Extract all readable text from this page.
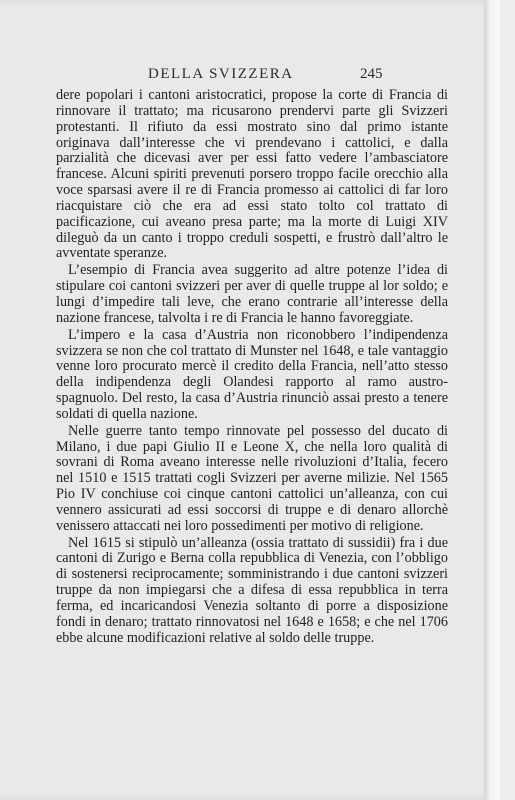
DELLA SVIZZERA	245

dere popolari i cantoni aristocratici, propose la corte di Francia di rinnovare il trattato; ma ricusarono prendervi parte gli Svizzeri protestanti. Il rifiuto da essi mostrato sino dal primo istante originava dall’interesse che vi prendevano i cattolici, e dalla parzialità che dicevasi aver per essi fatto vedere l’ambasciatore francese. Alcuni spiriti prevenuti porsero troppo facile orecchio alla voce sparsasi avere il re di Francia promesso ai cattolici di far loro riacquistare ciò che era ad essi stato tolto col trattato di pacificazione, cui aveano presa parte; ma la morte di Luigi XIV dileguò da un canto i troppo creduli sospetti, e frustrò dall’altro le avventate speranze.

L’esempio di Francia avea suggerito ad altre potenze l’idea di stipulare coi cantoni svizzeri per aver di quelle truppe al lor soldo; e lungi d’impedire tali leve, che erano contrarie all’interesse della nazione francese, talvolta i re di Francia le hanno favoreggiate.

L’impero e la casa d’Austria non riconobbero l’indipendenza svizzera se non che col trattato di Munster nel 1648, e tale vantaggio venne loro procurato mercè il credito della Francia, nell’atto stesso della indipendenza degli Olandesi rapporto al ramo austro-spagnuolo. Del resto, la casa d’Austria rinunciò assai presto a tenere soldati di quella nazione.

Nelle guerre tanto tempo rinnovate pel possesso del ducato di Milano, i due papi Giulio II e Leone X, che nella loro qualità di sovrani di Roma aveano interesse nelle rivoluzioni d’Italia, fecero nel 1510 e 1515 trattati cogli Svizzeri per averne milizie. Nel 1565 Pio IV conchiuse coi cinque cantoni cattolici un’alleanza, con cui vennero assicurati ad essi soccorsi di truppe e di denaro allorchè venissero attaccati nei loro possedimenti per motivo di religione.

Nel 1615 si stipulò un’alleanza (ossia trattato di sussidii) fra i due cantoni di Zurigo e Berna colla repubblica di Venezia, con l’obbligo di sostenersi reciprocamente; somministrando i due cantoni svizzeri truppe da non impiegarsi che a difesa di essa repubblica in terra ferma, ed incaricandosi Venezia soltanto di porre a disposizione fondi in denaro; trattato rinnovatosi nel 1648 e 1658; e che nel 1706 ebbe alcune modificazioni relative al soldo delle truppe.
